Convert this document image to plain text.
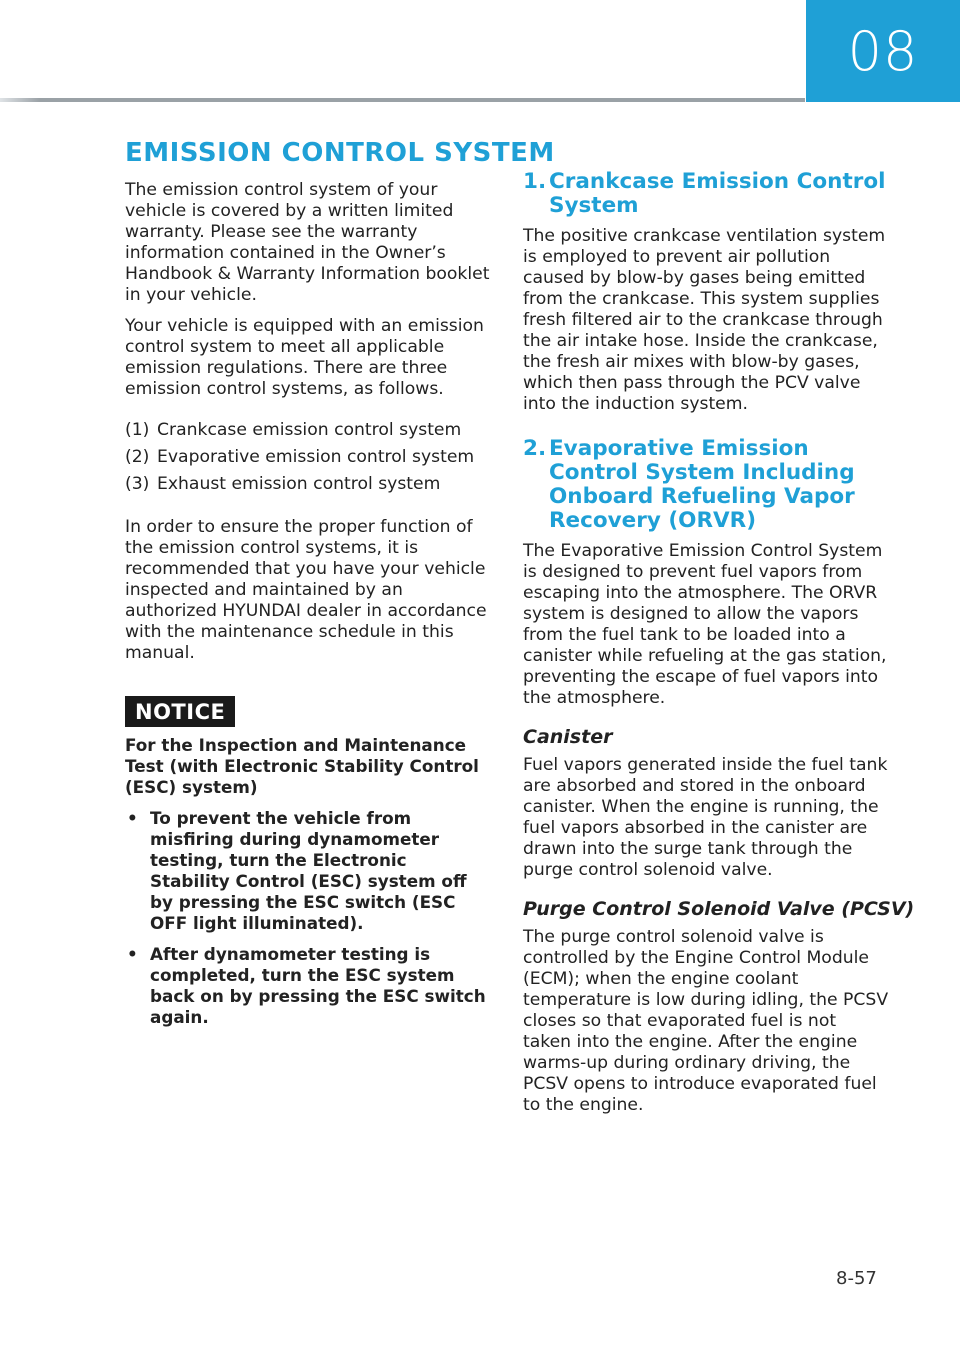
08
EMISSION CONTROL SYSTEM

The emission control system of your vehicle is covered by a written limited warranty. Please see the warranty information contained in the Owner’s Handbook & Warranty Information booklet in your vehicle.

Your vehicle is equipped with an emission control system to meet all applicable emission regulations. There are three emission control systems, as follows.

(1) Crankcase emission control system
(2) Evaporative emission control system
(3) Exhaust emission control system

In order to ensure the proper function of the emission control systems, it is recommended that you have your vehicle inspected and maintained by an authorized HYUNDAI dealer in accordance with the maintenance schedule in this manual.

NOTICE

For the Inspection and Maintenance Test (with Electronic Stability Control (ESC) system)

• To prevent the vehicle from misfiring during dynamometer testing, turn the Electronic Stability Control (ESC) system off by pressing the ESC switch (ESC OFF light illuminated).
• After dynamometer testing is completed, turn the ESC system back on by pressing the ESC switch again.
1. Crankcase Emission Control System

The positive crankcase ventilation system is employed to prevent air pollution caused by blow-by gases being emitted from the crankcase. This system supplies fresh filtered air to the crankcase through the air intake hose. Inside the crankcase, the fresh air mixes with blow-by gases, which then pass through the PCV valve into the induction system.

2. Evaporative Emission Control System Including Onboard Refueling Vapor Recovery (ORVR)

The Evaporative Emission Control System is designed to prevent fuel vapors from escaping into the atmosphere. The ORVR system is designed to allow the vapors from the fuel tank to be loaded into a canister while refueling at the gas station, preventing the escape of fuel vapors into the atmosphere.

Canister

Fuel vapors generated inside the fuel tank are absorbed and stored in the onboard canister. When the engine is running, the fuel vapors absorbed in the canister are drawn into the surge tank through the purge control solenoid valve.

Purge Control Solenoid Valve (PCSV)

The purge control solenoid valve is controlled by the Engine Control Module (ECM); when the engine coolant temperature is low during idling, the PCSV closes so that evaporated fuel is not taken into the engine. After the engine warms-up during ordinary driving, the PCSV opens to introduce evaporated fuel to the engine.

8-57
